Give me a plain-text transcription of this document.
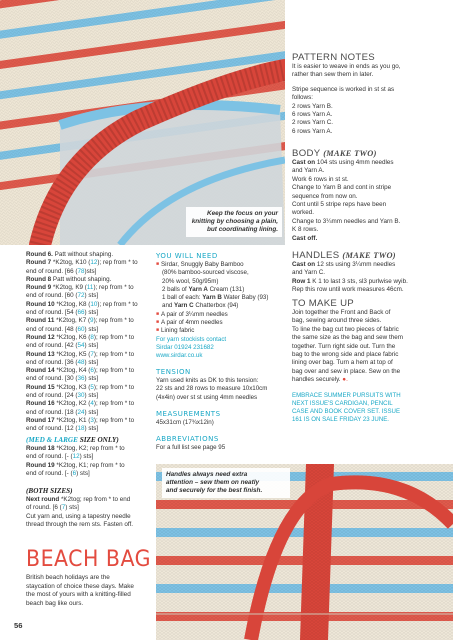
Keep the focus on your
knitting by choosing a plain,
but coordinating lining.
PATTERN NOTES
It is easier to weave in ends as you go,
rather than sew them in later.
Stripe sequence is worked in st st as
follows:
2 rows Yarn B.
6 rows Yarn A.
2 rows Yarn C.
6 rows Yarn A.
BODY (MAKE TWO)
Cast on 104 sts using 4mm needles
and Yarn A.
Work 6 rows in st st.
Change to Yarn B and cont in stripe
sequence from now on.
Cont until 5 stripe reps have been
worked.
Change to 3¼mm needles and Yarn B.
K 8 rows.
Cast off.
HANDLES (MAKE TWO)
Cast on 12 sts using 3¼mm needles
and Yarn C.
Row 1 K 1 to last 3 sts, sl3 purlwise wyib.
Rep this row until work measures 46cm.
TO MAKE UP
Join together the Front and Back of
bag, sewing around three sides.
To line the bag cut two pieces of fabric
the same size as the bag and sew them
together. Turn right side out. Turn the
bag to the wrong side and place fabric
lining over bag. Turn a hem at top of
bag over and sew in place. Sew on the
handles securely. ●.
EMBRACE SUMMER PURSUITS WITH
NEXT ISSUE'S CARDIGAN, PENCIL
CASE AND BOOK COVER SET. ISSUE
161 IS ON SALE FRIDAY 23 JUNE.
Round 6. Patt without shaping.
Round 7 *K2tog, K10 (12); rep from * to
end of round. [66 (78)sts]
Round 8 Patt without shaping.
Round 9 *K2tog, K9 (11); rep from * to
end of round. [60 (72) sts]
Round 10 *K2tog, K8 (10); rep from * to
end of round. [54 (66) sts]
Round 11 *K2tog, K7 (9); rep from * to
end of round. [48 (60) sts]
Round 12 *K2tog, K6 (8); rep from * to
end of round. [42 (54) sts]
Round 13 *K2tog, K5 (7); rep from * to
end of round. [36 (48) sts]
Round 14 *K2tog, K4 (6); rep from * to
end of round. [30 (36) sts]
Round 15 *K2tog, K3 (5); rep from * to
end of round. [24 (30) sts]
Round 16 *K2tog, K2 (4); rep from * to
end of round. [18 (24) sts]
Round 17 *K2tog, K1 (3); rep from * to
end of round. [12 (18) sts]
(MED & LARGE SIZE ONLY)
Round 18 *K2tog, K2; rep from * to
end of round. [- (12) sts]
Round 19 *K2tog, K1; rep from * to
end of round. [- (6) sts]
(BOTH SIZES)
Next round *K2tog; rep from * to end
of round. [6 (7) sts]
Cut yarn and, using a tapestry needle
thread through the rem sts. Fasten off.
BEACH BAG
British beach holidays are the
staycation of choice these days. Make
the most of yours with a knitting-filled
beach bag like ours.
56
YOU WILL NEED
■ Sirdar, Snuggly Baby Bamboo
(80% bamboo-sourced viscose,
20% wool, 50g/95m)
2 balls of Yarn A Cream (131)
1 ball of each: Yarn B Water Baby (93)
and Yarn C Chatterbox (94)
■ A pair of 3¼mm needles
■ A pair of 4mm needles
■ Lining fabric
For yarn stockists contact
Sirdar 01924 231682
www.sirdar.co.uk
TENSION
Yarn used knits as DK to this tension:
22 sts and 28 rows to measure 10x10cm
(4x4in) over st st using 4mm needles
MEASUREMENTS
45x31cm (17¾x12in)
ABBREVIATIONS
For a full list see page 95
Handles always need extra
attention – sew them on neatly
and securely for the best finish.
